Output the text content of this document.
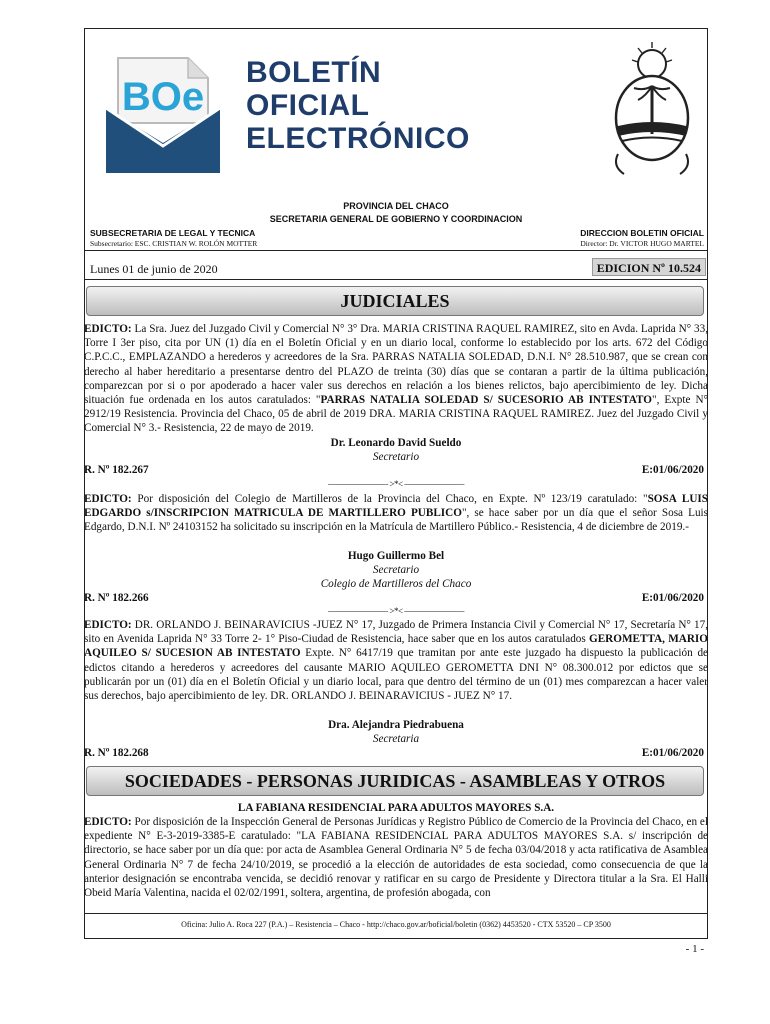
BOe
BOLETÍN
OFICIAL
ELECTRÓNICO
PROVINCIA DEL CHACO
SECRETARIA GENERAL DE GOBIERNO Y COORDINACION
SUBSECRETARIA DE LEGAL Y TECNICA
Subsecretario: ESC. CRISTIAN W. ROLÓN MOTTER
DIRECCION BOLETIN OFICIAL
Director: Dr. VICTOR HUGO MARTEL
Lunes 01 de junio de 2020	EDICION Nº 10.524
JUDICIALES
EDICTO: La Sra. Juez del Juzgado Civil y Comercial N° 3° Dra. MARIA CRISTINA RAQUEL RAMIREZ, sito en Avda. Laprida N° 33, Torre I 3er piso, cita por UN (1) día en el Boletín Oficial y en un diario local, conforme lo establecido por los arts. 672 del Código C.P.C.C., EMPLAZANDO a herederos y acreedores de la Sra. PARRAS NATALIA SOLEDAD, D.N.I. N° 28.510.987, que se crean con derecho al haber hereditario a presentarse dentro del PLAZO de treinta (30) días que se contaran a partir de la última publicación, comparezcan por si o por apoderado a hacer valer sus derechos en relación a los bienes relictos, bajo apercibimiento de ley. Dicha situación fue ordenada en los autos caratulados: "PARRAS NATALIA SOLEDAD S/ SUCESORIO AB INTESTATO", Expte N° 2912/19 Resistencia. Provincia del Chaco, 05 de abril de 2019 DRA. MARIA CRISTINA RAQUEL RAMIREZ. Juez del Juzgado Civil y Comercial N° 3.- Resistencia, 22 de mayo de 2019.
Dr. Leonardo David Sueldo
Secretario
R. Nº 182.267	E:01/06/2020
——————— >*< ———————
EDICTO: Por disposición del Colegio de Martilleros de la Provincia del Chaco, en Expte. Nº 123/19 caratulado: "SOSA LUIS EDGARDO s/INSCRIPCION MATRICULA DE MARTILLERO PUBLICO", se hace saber por un día que el señor Sosa Luis Edgardo, D.N.I. Nº 24103152 ha solicitado su inscripción en la Matrícula de Martillero Público.- Resistencia, 4 de diciembre de 2019.-
Hugo Guillermo Bel
Secretario
Colegio de Martilleros del Chaco
R. Nº 182.266	E:01/06/2020
——————— >*< ———————
EDICTO: DR. ORLANDO J. BEINARAVICIUS -JUEZ N° 17, Juzgado de Primera Instancia Civil y Comercial N° 17, Secretaría N° 17, sito en Avenida Laprida N° 33 Torre 2- 1° Piso-Ciudad de Resistencia, hace saber que en los autos caratulados GEROMETTA, MARIO AQUILEO S/ SUCESION AB INTESTATO Expte. N° 6417/19 que tramitan por ante este juzgado ha dispuesto la publicación de edictos citando a herederos y acreedores del causante MARIO AQUILEO GEROMETTA DNI N° 08.300.012 por edictos que se publicarán por un (01) día en el Boletín Oficial y un diario local, para que dentro del término de un (01) mes comparezcan a hacer valer sus derechos, bajo apercibimiento de ley. DR. ORLANDO J. BEINARAVICIUS - JUEZ N° 17.
Dra. Alejandra Piedrabuena
Secretaria
R. Nº 182.268	E:01/06/2020
SOCIEDADES - PERSONAS JURIDICAS - ASAMBLEAS Y OTROS
LA FABIANA RESIDENCIAL PARA ADULTOS MAYORES S.A.
EDICTO: Por disposición de la Inspección General de Personas Jurídicas y Registro Público de Comercio de la Provincia del Chaco, en el expediente N° E-3-2019-3385-E caratulado: "LA FABIANA RESIDENCIAL PARA ADULTOS MAYORES S.A. s/ inscripción de directorio, se hace saber por un día que: por acta de Asamblea General Ordinaria N° 5 de fecha 03/04/2018 y acta ratificativa de Asamblea General Ordinaria N° 7 de fecha 24/10/2019, se procedió a la elección de autoridades de esta sociedad, como consecuencia de que la anterior designación se encontraba vencida, se decidió renovar y ratificar en su cargo de Presidente y Directora titular a la Sra. El Halli Obeid María Valentina, nacida el 02/02/1991, soltera, argentina, de profesión abogada, con
Oficina: Julio A. Roca 227 (P.A.) – Resistencia – Chaco - http://chaco.gov.ar/boficial/boletin (0362) 4453520 - CTX 53520 – CP 3500
- 1 -
